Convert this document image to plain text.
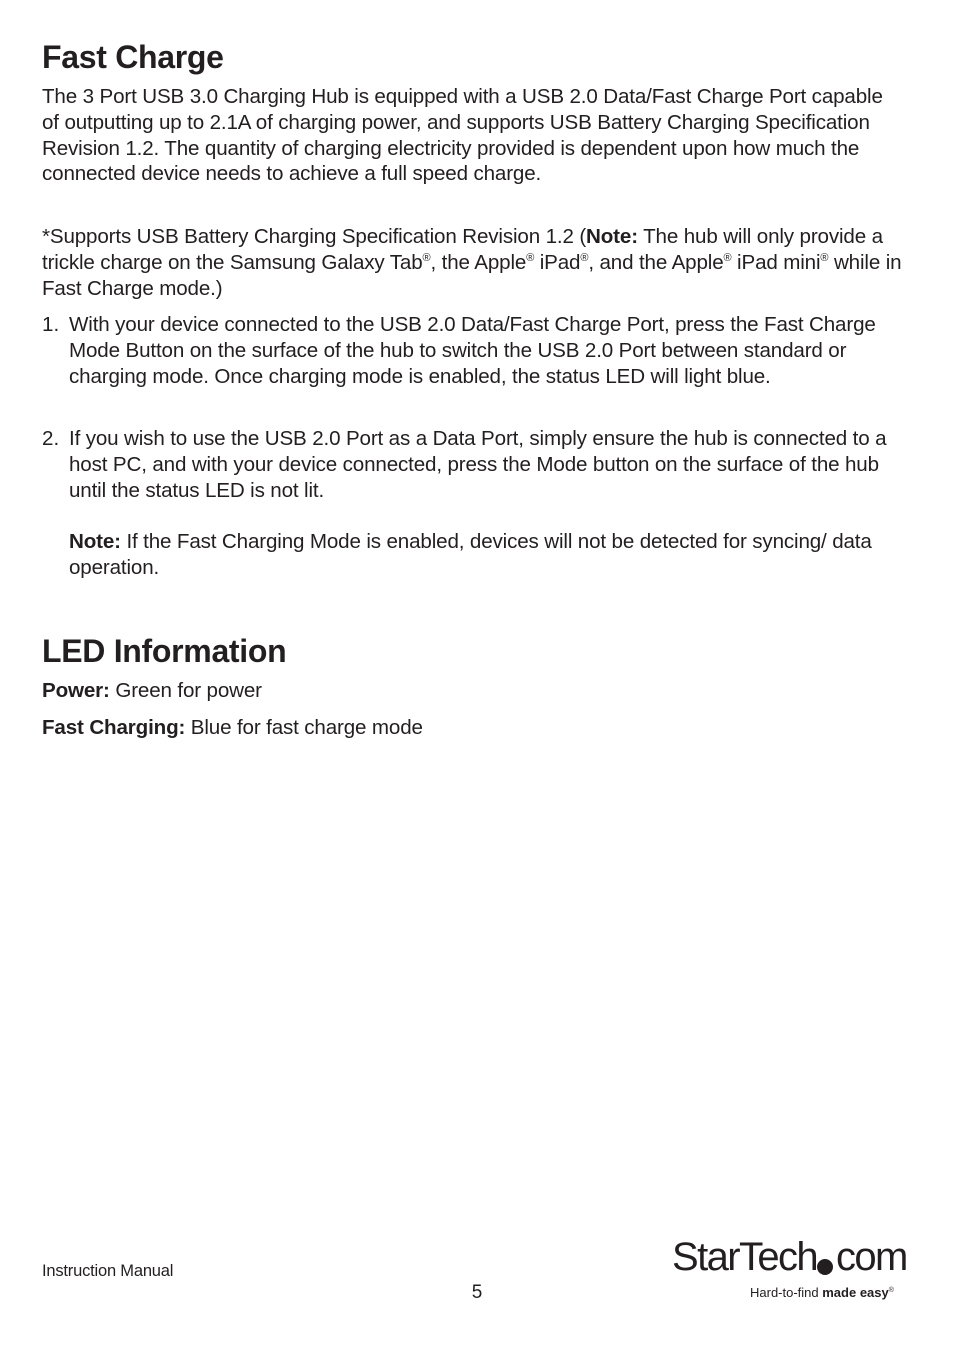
Fast Charge

The 3 Port USB 3.0 Charging Hub is equipped with a USB 2.0 Data/Fast Charge Port capable of outputting up to 2.1A of charging power, and supports USB Battery Charging Specification Revision 1.2. The quantity of charging electricity provided is dependent upon how much the connected device needs to achieve a full speed charge.

*Supports USB Battery Charging Specification Revision 1.2 (Note: The hub will only provide a trickle charge on the Samsung Galaxy Tab®, the Apple® iPad®, and the Apple® iPad mini® while in Fast Charge mode.)

1. With your device connected to the USB 2.0 Data/Fast Charge Port, press the Fast Charge Mode Button on the surface of the hub to switch the USB 2.0 Port between standard or charging mode. Once charging mode is enabled, the status LED will light blue.

2. If you wish to use the USB 2.0 Port as a Data Port, simply ensure the hub is connected to a host PC, and with your device connected, press the Mode button on the surface of the hub until the status LED is not lit.

Note: If the Fast Charging Mode is enabled, devices will not be detected for syncing/ data operation.

LED Information

Power: Green for power

Fast Charging: Blue for fast charge mode

Instruction Manual
5
StarTech com
Hard-to-find made easy®
